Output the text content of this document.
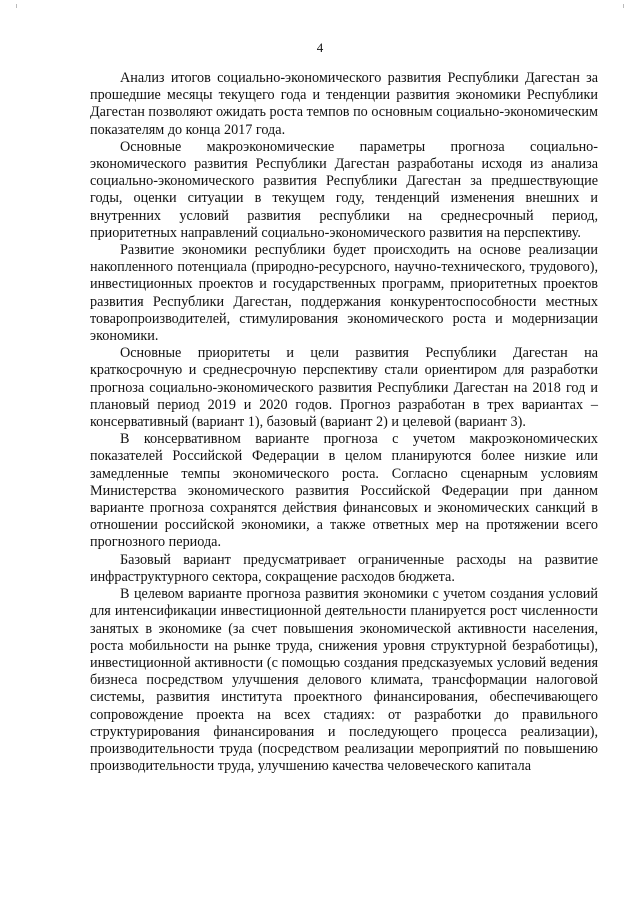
4

Анализ итогов социально-экономического развития Республики Дагестан за прошедшие месяцы текущего года и тенденции развития экономики Республики Дагестан позволяют ожидать роста темпов по основным социально-экономическим показателям до конца 2017 года.

Основные макроэкономические параметры прогноза социально-экономического развития Республики Дагестан разработаны исходя из анализа социально-экономического развития Республики Дагестан за предшествующие годы, оценки ситуации в текущем году, тенденций изменения внешних и внутренних условий развития республики на среднесрочный период, приоритетных направлений социально-экономического развития на перспективу.

Развитие экономики республики будет происходить на основе реализации накопленного потенциала (природно-ресурсного, научно-технического, трудового), инвестиционных проектов и государственных программ, приоритетных проектов развития Республики Дагестан, поддержания конкурентоспособности местных товаропроизводителей, стимулирования экономического роста и модернизации экономики.

Основные приоритеты и цели развития Республики Дагестан на краткосрочную и среднесрочную перспективу стали ориентиром для разработки прогноза социально-экономического развития Республики Дагестан на 2018 год и плановый период 2019 и 2020 годов. Прогноз разработан в трех вариантах – консервативный (вариант 1), базовый (вариант 2) и целевой (вариант 3).

В консервативном варианте прогноза с учетом макроэкономических показателей Российской Федерации в целом планируются более низкие или замедленные темпы экономического роста. Согласно сценарным условиям Министерства экономического развития Российской Федерации при данном варианте прогноза сохранятся действия финансовых и экономических санкций в отношении российской экономики, а также ответных мер на протяжении всего прогнозного периода.

Базовый вариант предусматривает ограниченные расходы на развитие инфраструктурного сектора, сокращение расходов бюджета.

В целевом варианте прогноза развития экономики с учетом создания условий для интенсификации инвестиционной деятельности планируется рост численности занятых в экономике (за счет повышения экономической активности населения, роста мобильности на рынке труда, снижения уровня структурной безработицы), инвестиционной активности (с помощью создания предсказуемых условий ведения бизнеса посредством улучшения делового климата, трансформации налоговой системы, развития института проектного финансирования, обеспечивающего сопровождение проекта на всех стадиях: от разработки до правильного структурирования финансирования и последующего процесса реализации), производительности труда (посредством реализации мероприятий по повышению производительности труда, улучшению качества человеческого капитала
